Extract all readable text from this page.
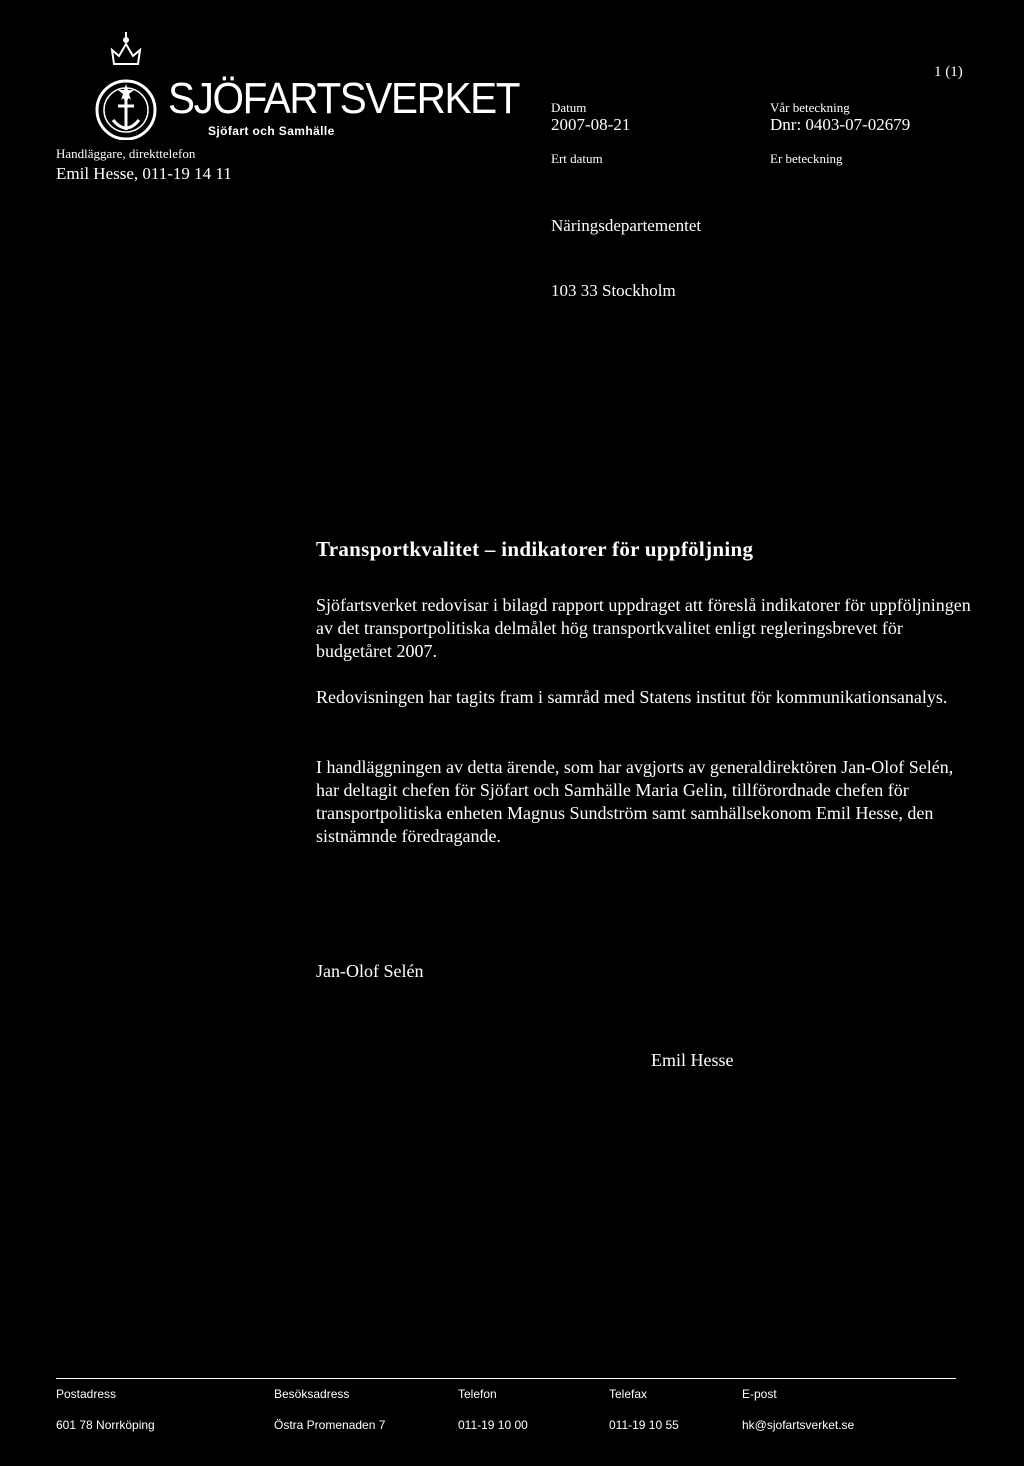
SJÖFARTSVERKET
Sjöfart och Samhälle
Handläggare, direkttelefon
Emil Hesse, 011-19 14 11
Datum
2007-08-21
Ert datum
Vår beteckning
Dnr: 0403-07-02679
Er beteckning
1 (1)
Näringsdepartementet
103 33 Stockholm
Transportkvalitet – indikatorer för uppföljning
Sjöfartsverket redovisar i bilagd rapport uppdraget att föreslå indikatorer för uppföljningen av det transportpolitiska delmålet hög transportkvalitet enligt regleringsbrevet för budgetåret 2007.
Redovisningen har tagits fram i samråd med Statens institut för kommunikationsanalys.
I handläggningen av detta ärende, som har avgjorts av generaldirektören Jan-Olof Selén, har deltagit chefen för Sjöfart och Samhälle Maria Gelin, tillförordnade chefen för transportpolitiska enheten Magnus Sundström samt samhällsekonom Emil Hesse, den sistnämnde föredragande.
Jan-Olof Selén
Emil Hesse
Postadress
601 78 Norrköping
Besöksadress
Östra Promenaden 7
Telefon
011-19 10 00
Telefax
011-19 10 55
E-post
hk@sjofartsverket.se
